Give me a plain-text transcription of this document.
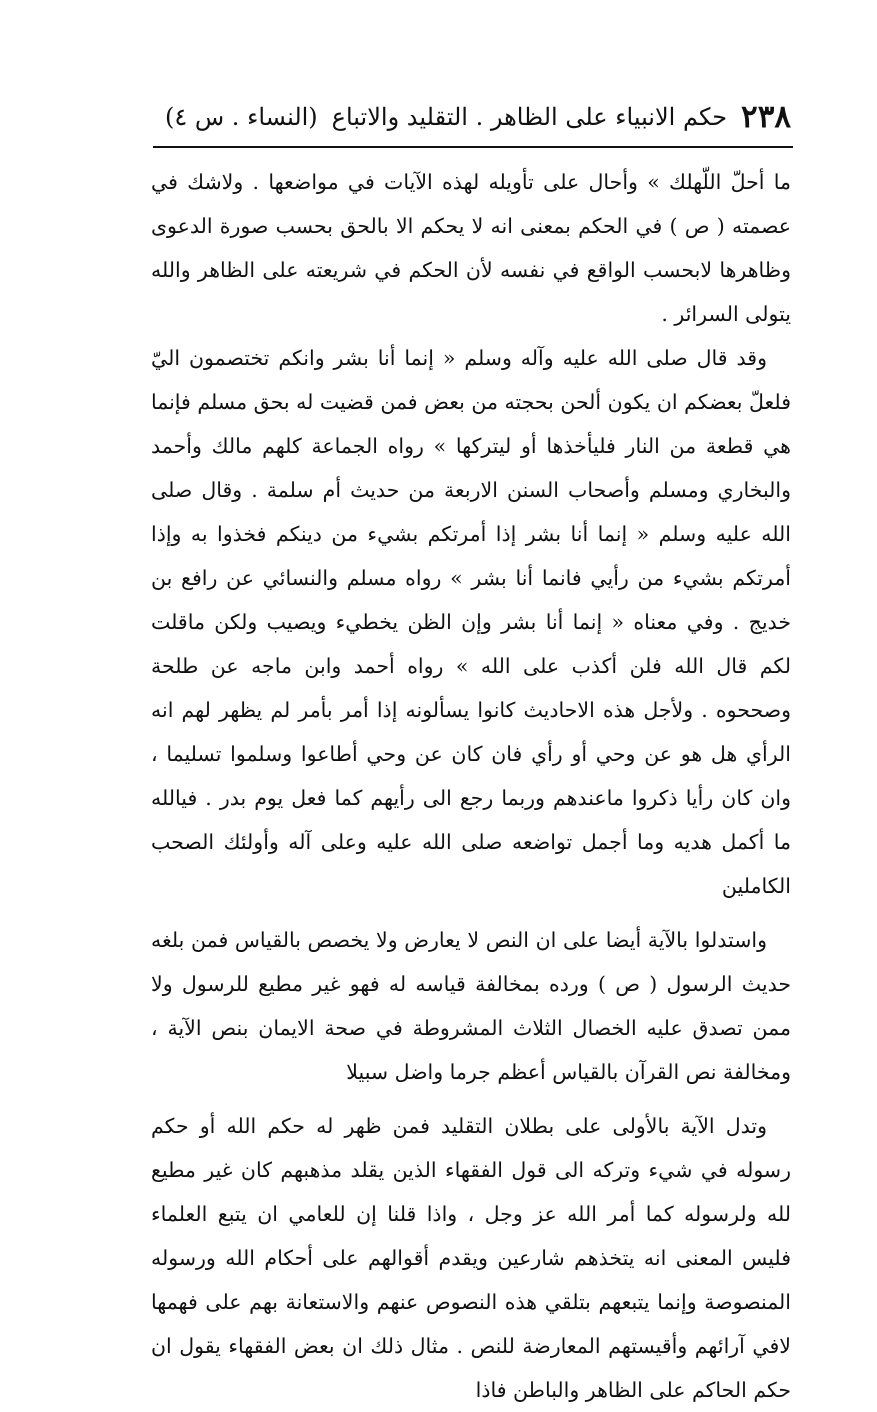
٢٣٨
حكم الانبياء على الظاهر . التقليد والاتباع
(النساء . س ٤)

ما أحلّ اللّهلك » وأحال على تأويله لهذه الآيات في مواضعها . ولاشك في عصمته ( ص ) في الحكم بمعنى انه لا يحكم الا بالحق بحسب صورة الدعوى وظاهرها لابحسب الواقع في نفسه لأن الحكم في شريعته على الظاهر والله يتولى السرائر .

وقد قال صلى الله عليه وآله وسلم « إنما أنا بشر وانكم تختصمون اليّ فلعلّ بعضكم ان يكون ألحن بحجته من بعض فمن قضيت له بحق مسلم فإنما هي قطعة من النار فليأخذها أو ليتركها » رواه الجماعة كلهم مالك وأحمد والبخاري ومسلم وأصحاب السنن الاربعة من حديث أم سلمة . وقال صلى الله عليه وسلم « إنما أنا بشر إذا أمرتكم بشيء من دينكم فخذوا به وإذا أمرتكم بشيء من رأيي فانما أنا بشر » رواه مسلم والنسائي عن رافع بن خديج . وفي معناه « إنما أنا بشر وإن الظن يخطيء ويصيب ولكن ماقلت لكم قال الله فلن أكذب على الله » رواه أحمد وابن ماجه عن طلحة وصححوه . ولأجل هذه الاحاديث كانوا يسألونه إذا أمر بأمر لم يظهر لهم انه الرأي هل هو عن وحي أو رأي فان كان عن وحي أطاعوا وسلموا تسليما ، وان كان رأيا ذكروا ماعندهم وربما رجع الى رأيهم كما فعل يوم بدر . فيالله ما أكمل هديه وما أجمل تواضعه صلى الله عليه وعلى آله وأولئك الصحب الكاملين

واستدلوا بالآية أيضا على ان النص لا يعارض ولا يخصص بالقياس فمن بلغه حديث الرسول ( ص ) ورده بمخالفة قياسه له فهو غير مطيع للرسول ولا ممن تصدق عليه الخصال الثلاث المشروطة في صحة الايمان بنص الآية ، ومخالفة نص القرآن بالقياس أعظم جرما واضل سبيلا

وتدل الآية بالأولى على بطلان التقليد فمن ظهر له حكم الله أو حكم رسوله في شيء وتركه الى قول الفقهاء الذين يقلد مذهبهم كان غير مطيع لله ولرسوله كما أمر الله عز وجل ، واذا قلنا إن للعامي ان يتبع العلماء فليس المعنى انه يتخذهم شارعين ويقدم أقوالهم على أحكام الله ورسوله المنصوصة وإنما يتبعهم بتلقي هذه النصوص عنهم والاستعانة بهم على فهمها لافي آرائهم وأقيستهم المعارضة للنص . مثال ذلك ان بعض الفقهاء يقول ان حكم الحاكم على الظاهر والباطن فاذا
